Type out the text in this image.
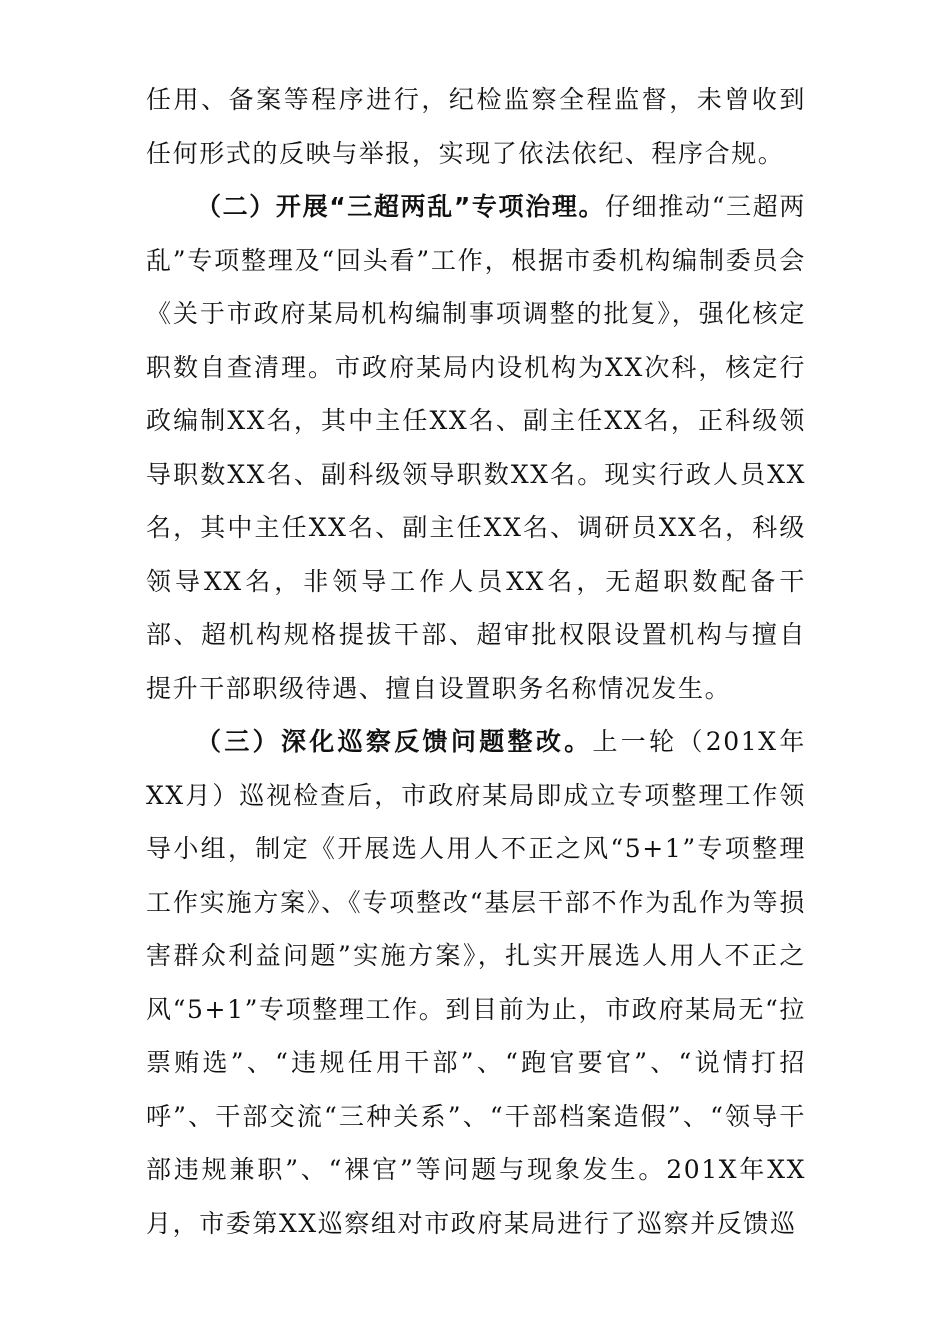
任用、备案等程序进行，纪检监察全程监督，未曾收到任何形式的反映与举报，实现了依法依纪、程序合规。

（二）开展“三超两乱”专项治理。仔细推动“三超两乱”专项整理及“回头看”工作，根据市委机构编制委员会《关于市政府某局机构编制事项调整的批复》，强化核定职数自查清理。市政府某局内设机构为XX次科，核定行政编制XX名，其中主任XX名、副主任XX名，正科级领导职数XX名、副科级领导职数XX名。现实行政人员XX名，其中主任XX名、副主任XX名、调研员XX名，科级领导XX名，非领导工作人员XX名，无超职数配备干部、超机构规格提拔干部、超审批权限设置机构与擅自提升干部职级待遇、擅自设置职务名称情况发生。

（三）深化巡察反馈问题整改。上一轮（201X年XX月）巡视检查后，市政府某局即成立专项整理工作领导小组，制定《开展选人用人不正之风“5+1”专项整理工作实施方案》、《专项整改“基层干部不作为乱作为等损害群众利益问题”实施方案》，扎实开展选人用人不正之风“5+1”专项整理工作。到目前为止，市政府某局无“拉票贿选”、“违规任用干部”、“跑官要官”、“说情打招呼”、干部交流“三种关系”、“干部档案造假”、“领导干部违规兼职”、“裸官”等问题与现象发生。201X年XX月，市委第XX巡察组对市政府某局进行了巡察并反馈巡
